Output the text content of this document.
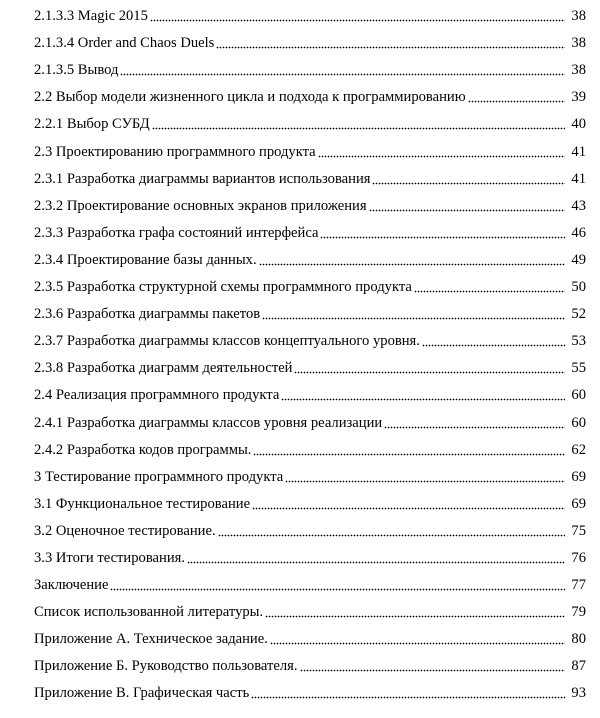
2.1.3.3 Magic 2015	38
2.1.3.4 Order and Chaos Duels	38
2.1.3.5 Вывод	38
2.2 Выбор модели жизненного цикла и подхода к программированию	39
2.2.1 Выбор СУБД	40
2.3 Проектированию программного продукта	41
2.3.1 Разработка диаграммы вариантов использования	41
2.3.2 Проектирование основных экранов приложения	43
2.3.3 Разработка графа состояний интерфейса	46
2.3.4 Проектирование базы данных.	49
2.3.5 Разработка структурной схемы программного продукта	50
2.3.6 Разработка диаграммы пакетов	52
2.3.7 Разработка диаграммы классов концептуального уровня.	53
2.3.8 Разработка диаграмм деятельностей	55
2.4 Реализация программного продукта	60
2.4.1 Разработка диаграммы классов уровня реализации	60
2.4.2 Разработка кодов программы.	62
3 Тестирование программного продукта	69
3.1 Функциональное тестирование	69
3.2 Оценочное тестирование.	75
3.3 Итоги тестирования.	76
Заключение	77
Список использованной литературы.	79
Приложение А. Техническое задание.	80
Приложение Б. Руководство пользователя.	87
Приложение В. Графическая часть	93
